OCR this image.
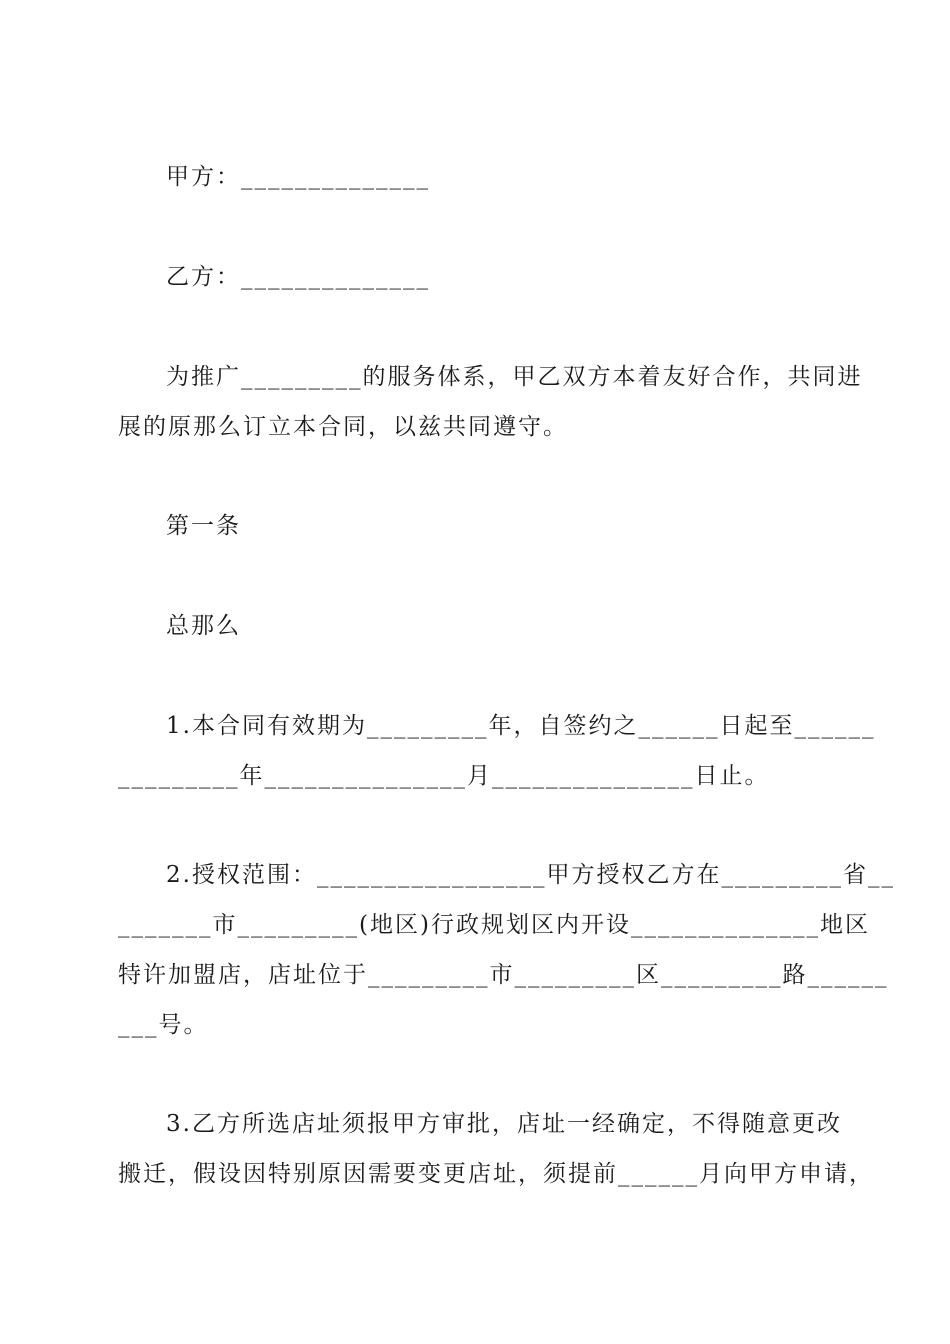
甲方：______________
乙方：______________
为推广_________的服务体系，甲乙双方本着友好合作，共同进
展的原那么订立本合同，以兹共同遵守。
第一条
总那么
1.本合同有效期为_________年，自签约之______日起至______
_________年_______________月_______________日止。
2.授权范围：_________________甲方授权乙方在_________省__
_______市_________(地区)行政规划区内开设______________地区
特许加盟店，店址位于_________市_________区_________路______
___号。
3.乙方所选店址须报甲方审批，店址一经确定，不得随意更改
搬迁，假设因特别原因需要变更店址，须提前______月向甲方申请，
